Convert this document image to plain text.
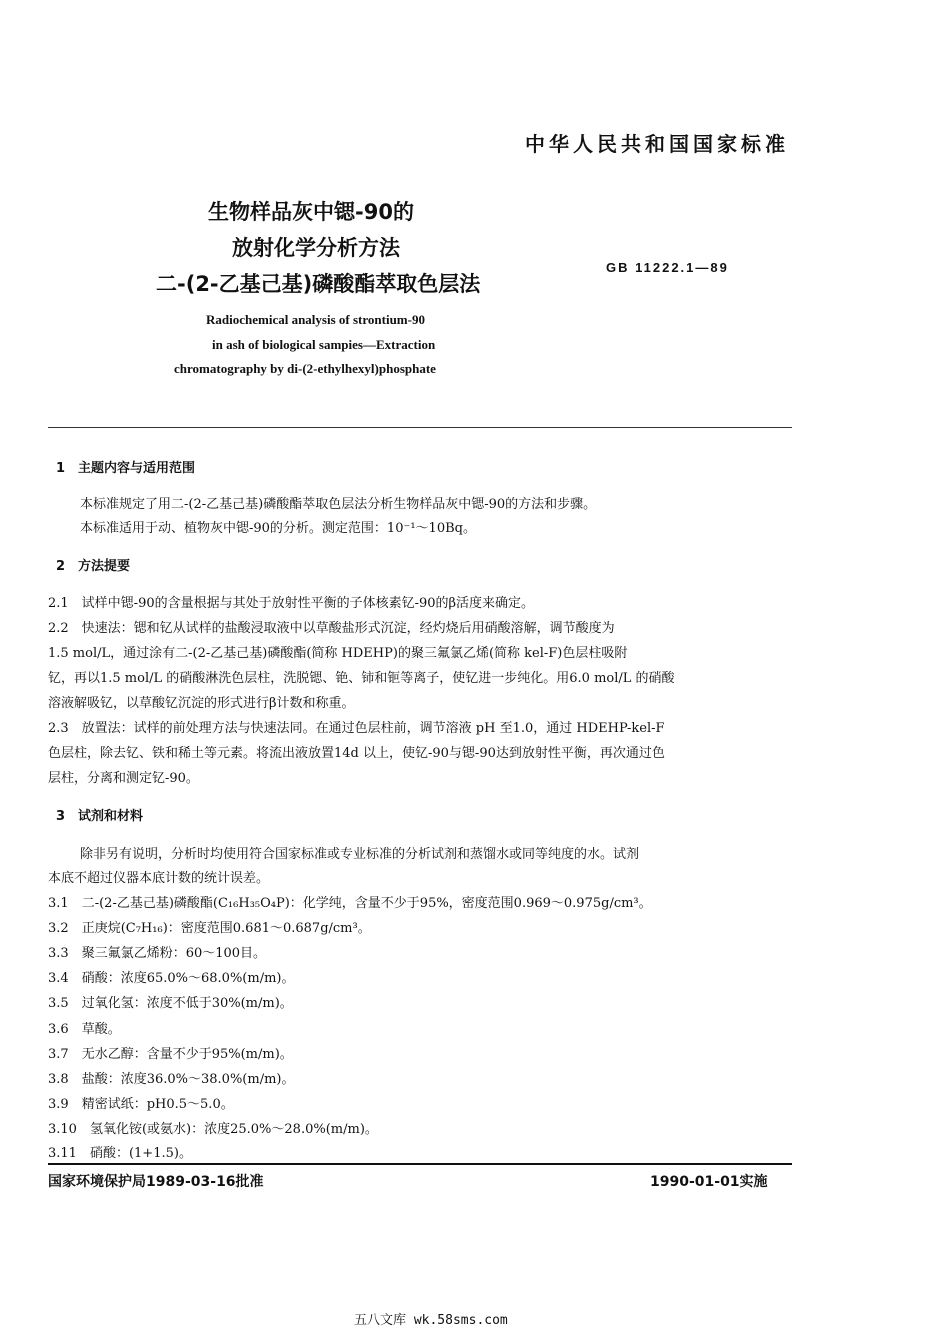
中华人民共和国国家标准
生物样品灰中锶-90的
放射化学分析方法
二-(2-乙基己基)磷酸酯萃取色层法
GB 11222.1—89
Radiochemical analysis of strontium-90
in ash of biological sampies—Extraction
chromatography by di-(2-ethylhexyl)phosphate
1　主题内容与适用范围
本标准规定了用二-(2-乙基己基)磷酸酯萃取色层法分析生物样品灰中锶-90的方法和步骤。
本标准适用于动、植物灰中锶-90的分析。测定范围：10⁻¹～10Bq。
2　方法提要
2.1　试样中锶-90的含量根据与其处于放射性平衡的子体核素钇-90的β活度来确定。
2.2　快速法：锶和钇从试样的盐酸浸取液中以草酸盐形式沉淀，经灼烧后用硝酸溶解，调节酸度为
1.5 mol/L，通过涂有二-(2-乙基己基)磷酸酯(简称 HDEHP)的聚三氟氯乙烯(简称 kel-F)色层柱吸附
钇，再以1.5 mol/L 的硝酸淋洗色层柱，洗脱锶、铯、铈和钷等离子，使钇进一步纯化。用6.0 mol/L 的硝酸
溶液解吸钇，以草酸钇沉淀的形式进行β计数和称重。
2.3　放置法：试样的前处理方法与快速法同。在通过色层柱前，调节溶液 pH 至1.0，通过 HDEHP-kel-F
色层柱，除去钇、铁和稀土等元素。将流出液放置14d 以上，使钇-90与锶-90达到放射性平衡，再次通过色
层柱，分离和测定钇-90。
3　试剂和材料
除非另有说明，分析时均使用符合国家标准或专业标准的分析试剂和蒸馏水或同等纯度的水。试剂
本底不超过仪器本底计数的统计误差。
3.1　 二-(2-乙基己基)磷酸酯(C₁₆H₃₅O₄P)：化学纯，含量不少于95%，密度范围0.969～0.975g/cm³。
3.2　 正庚烷(C₇H₁₆)：密度范围0.681～0.687g/cm³。
3.3　 聚三氟氯乙烯粉：60～100目。
3.4　 硝酸：浓度65.0%～68.0%(m/m)。
3.5　 过氧化氢：浓度不低于30%(m/m)。
3.6　 草酸。
3.7　 无水乙醇：含量不少于95%(m/m)。
3.8　 盐酸：浓度36.0%～38.0%(m/m)。
3.9　 精密试纸：pH0.5～5.0。
3.10　 氢氧化铵(或氨水)：浓度25.0%～28.0%(m/m)。
3.11　 硝酸：(1+1.5)。
国家环境保护局1989-03-16批准	1990-01-01实施
五八文库 wk.58sms.com
